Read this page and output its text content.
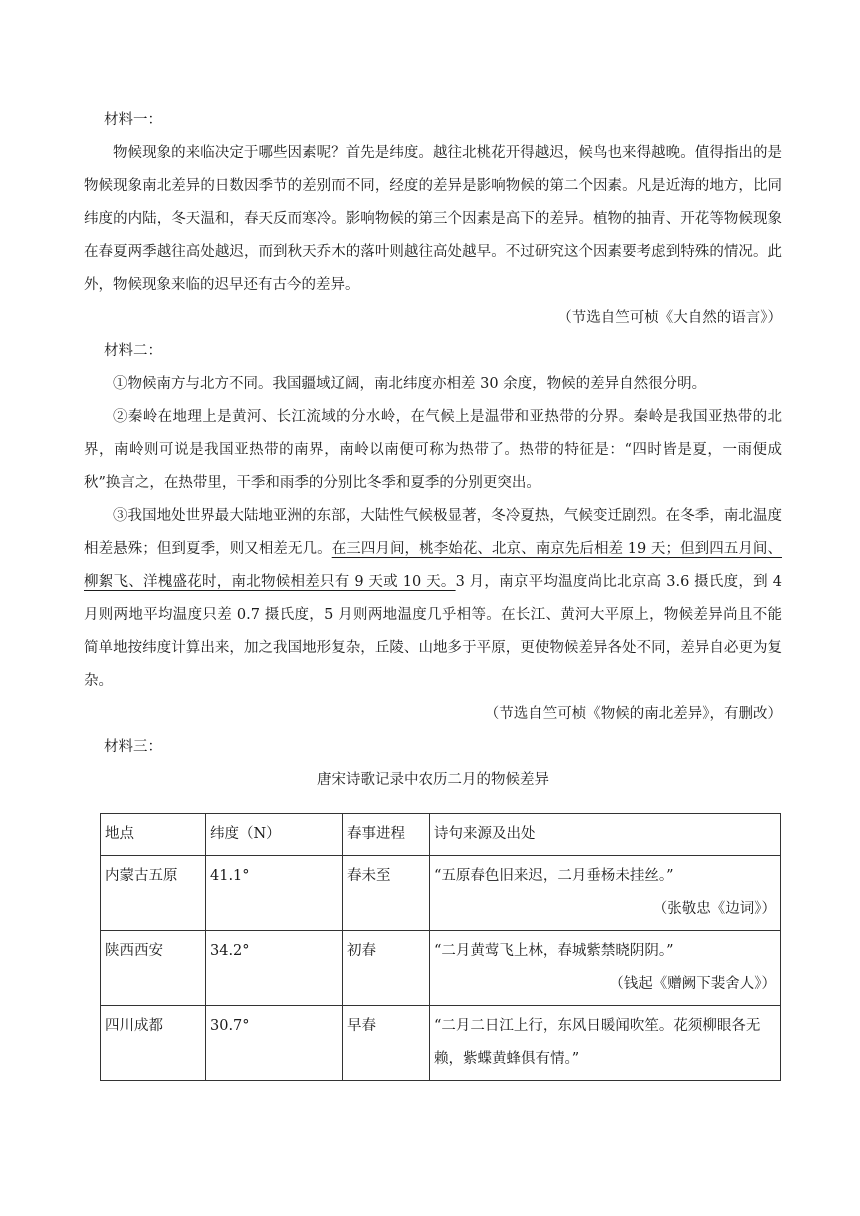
材料一：

物候现象的来临决定于哪些因素呢？首先是纬度。越往北桃花开得越迟，候鸟也来得越晚。值得指出的是物候现象南北差异的日数因季节的差别而不同，经度的差异是影响物候的第二个因素。凡是近海的地方，比同纬度的内陆，冬天温和，春天反而寒冷。影响物候的第三个因素是高下的差异。植物的抽青、开花等物候现象在春夏两季越往高处越迟，而到秋天乔木的落叶则越往高处越早。不过研究这个因素要考虑到特殊的情况。此外，物候现象来临的迟早还有古今的差异。

（节选自竺可桢《大自然的语言》）
材料二：

①物候南方与北方不同。我国疆域辽阔，南北纬度亦相差 30 余度，物候的差异自然很分明。

②秦岭在地理上是黄河、长江流域的分水岭，在气候上是温带和亚热带的分界。秦岭是我国亚热带的北界，南岭则可说是我国亚热带的南界，南岭以南便可称为热带了。热带的特征是：“四时皆是夏，一雨便成秋”换言之，在热带里，干季和雨季的分别比冬季和夏季的分别更突出。

③我国地处世界最大陆地亚洲的东部，大陆性气候极显著，冬冷夏热，气候变迁剧烈。在冬季，南北温度相差悬殊；但到夏季，则又相差无几。在三四月间，桃李始花、北京、南京先后相差 19 天；但到四五月间、柳絮飞、洋槐盛花时，南北物候相差只有 9 天或 10 天。3 月，南京平均温度尚比北京高 3.6 摄氏度，到 4 月则两地平均温度只差 0.7 摄氏度，5 月则两地温度几乎相等。在长江、黄河大平原上，物候差异尚且不能简单地按纬度计算出来，加之我国地形复杂，丘陵、山地多于平原，更使物候差异各处不同，差异自必更为复杂。

（节选自竺可桢《物候的南北差异》，有删改）
材料三：
唐宋诗歌记录中农历二月的物候差异
地点	纬度（N）	春事进程	诗句来源及出处
内蒙古五原	41.1°	春未至	“五原春色旧来迟，二月垂杨未挂丝。”
（张敬忠《边词》）

陕西西安	34.2°	初春	“二月黄莺飞上林，春城紫禁晓阴阴。”
（钱起《赠阙下裴舍人》）

四川成都	30.7°	早春	“二月二日江上行，东风日暖闻吹笙。花须柳眼各无赖，紫蝶黄蜂俱有情。”
